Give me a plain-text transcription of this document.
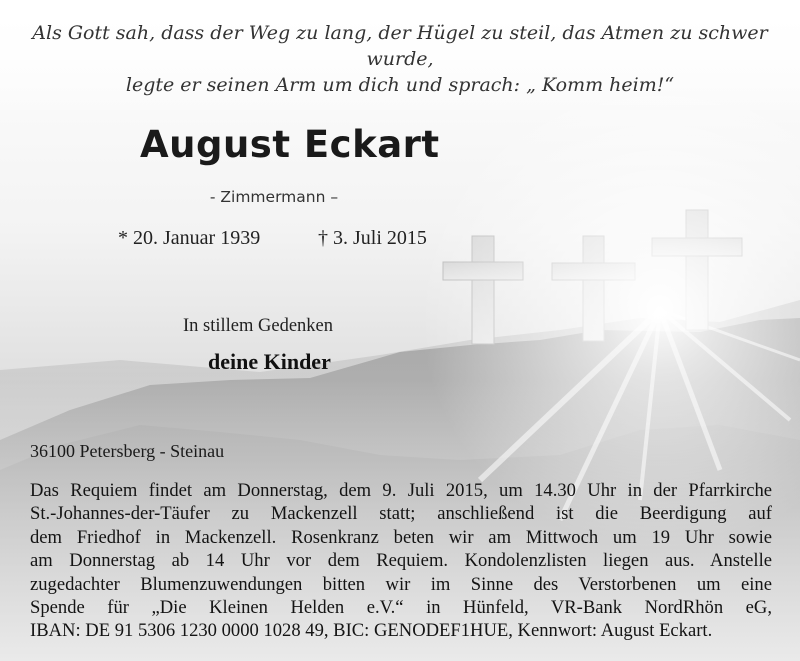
Als Gott sah, dass der Weg zu lang, der Hügel zu steil, das Atmen zu schwer wurde,
legte er seinen Arm um dich und sprach: „ Komm heim!“
August Eckart
- Zimmermann –
* 20. Januar 1939	† 3. Juli 2015
In stillem Gedenken
deine Kinder
36100 Petersberg - Steinau
Das Requiem findet am Donnerstag, dem 9. Juli 2015, um 14.30 Uhr in der Pfarrkirche
St.-Johannes-der-Täufer zu Mackenzell statt; anschließend ist die Beerdigung auf
dem Friedhof in Mackenzell. Rosenkranz beten wir am Mittwoch um 19 Uhr sowie
am Donnerstag ab 14 Uhr vor dem Requiem. Kondolenzlisten liegen aus. Anstelle
zugedachter Blumenzuwendungen bitten wir im Sinne des Verstorbenen um eine
Spende für „Die Kleinen Helden e.V.“ in Hünfeld, VR-Bank NordRhön eG,
IBAN: DE 91 5306 1230 0000 1028 49, BIC: GENODEF1HUE, Kennwort: August Eckart.
